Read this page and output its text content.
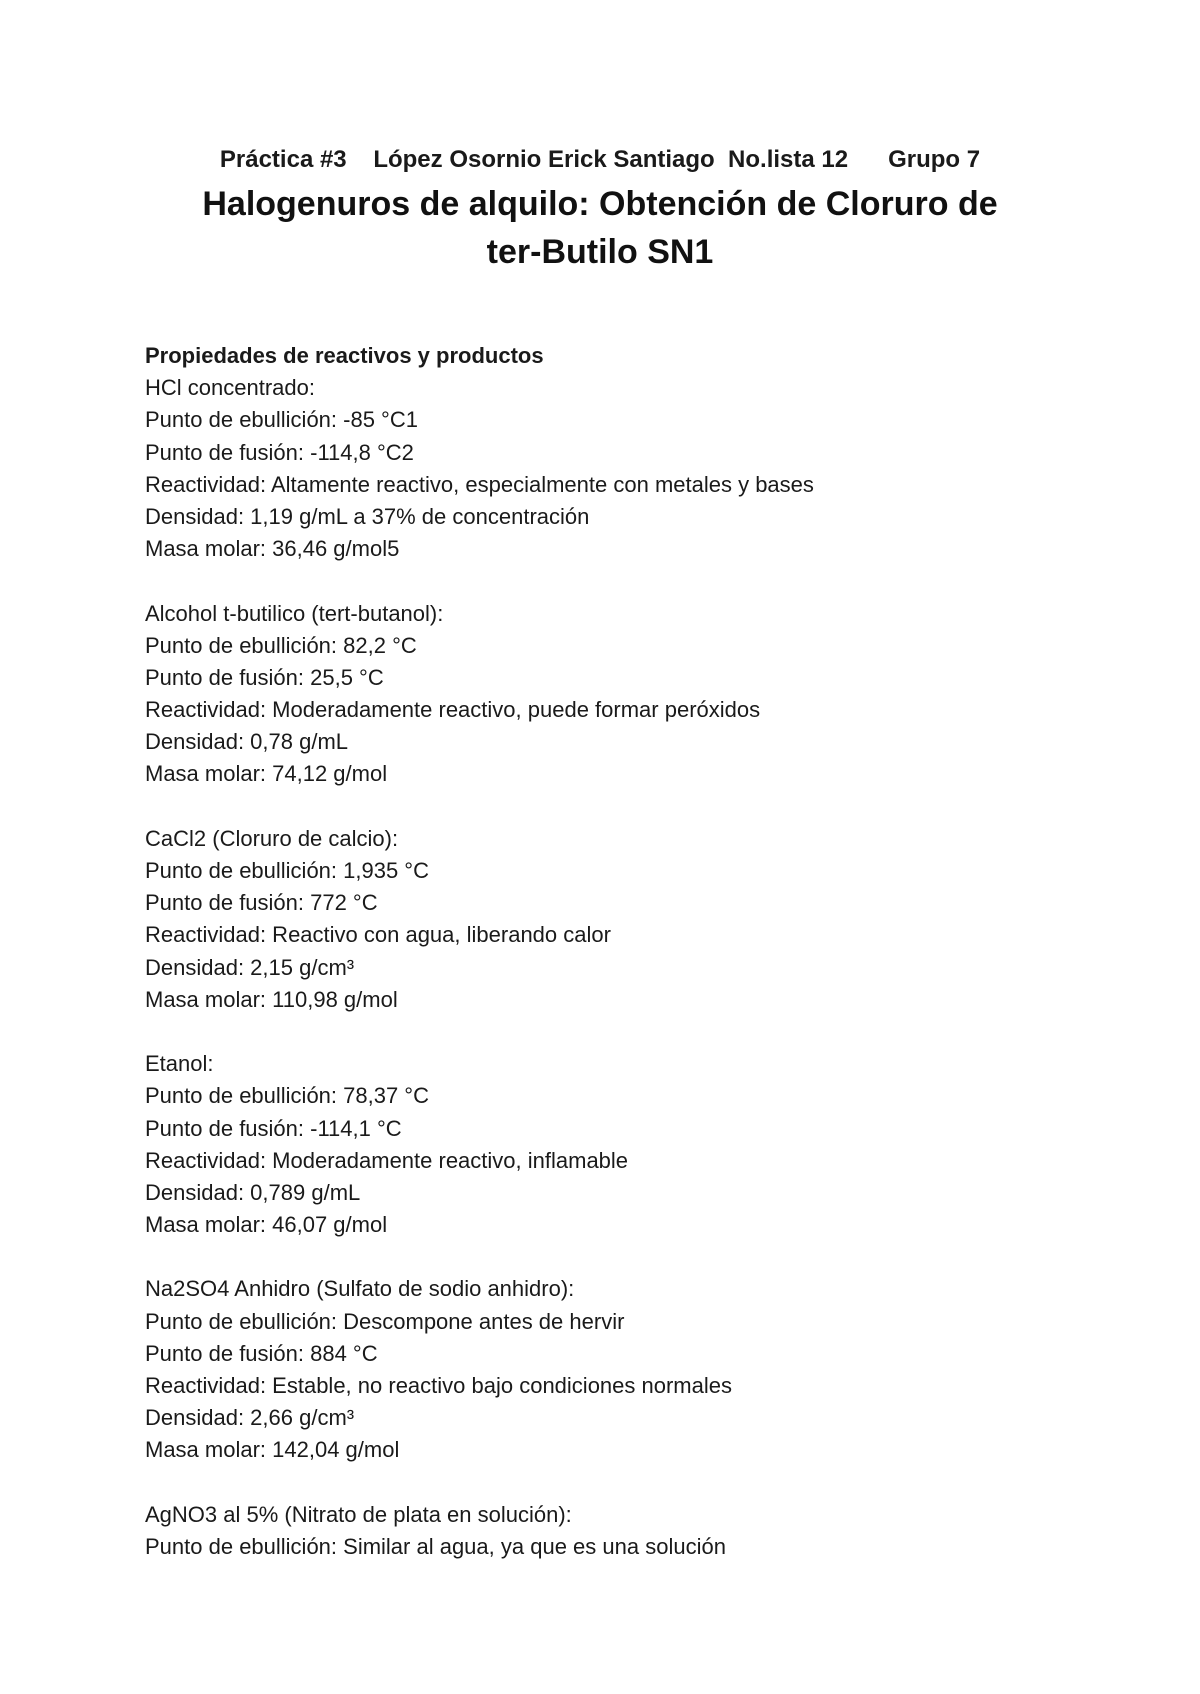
Práctica #3    López Osornio Erick Santiago  No.lista 12      Grupo 7
Halogenuros de alquilo: Obtención de Cloruro de
ter-Butilo SN1
Propiedades de reactivos y productos
HCl concentrado:
Punto de ebullición: -85 °C1
Punto de fusión: -114,8 °C2
Reactividad: Altamente reactivo, especialmente con metales y bases
Densidad: 1,19 g/mL a 37% de concentración
Masa molar: 36,46 g/mol5
Alcohol t-butilico (tert-butanol):
Punto de ebullición: 82,2 °C
Punto de fusión: 25,5 °C
Reactividad: Moderadamente reactivo, puede formar peróxidos
Densidad: 0,78 g/mL
Masa molar: 74,12 g/mol
CaCl2 (Cloruro de calcio):
Punto de ebullición: 1,935 °C
Punto de fusión: 772 °C
Reactividad: Reactivo con agua, liberando calor
Densidad: 2,15 g/cm³
Masa molar: 110,98 g/mol
Etanol:
Punto de ebullición: 78,37 °C
Punto de fusión: -114,1 °C
Reactividad: Moderadamente reactivo, inflamable
Densidad: 0,789 g/mL
Masa molar: 46,07 g/mol
Na2SO4 Anhidro (Sulfato de sodio anhidro):
Punto de ebullición: Descompone antes de hervir
Punto de fusión: 884 °C
Reactividad: Estable, no reactivo bajo condiciones normales
Densidad: 2,66 g/cm³
Masa molar: 142,04 g/mol
AgNO3 al 5% (Nitrato de plata en solución):
Punto de ebullición: Similar al agua, ya que es una solución
